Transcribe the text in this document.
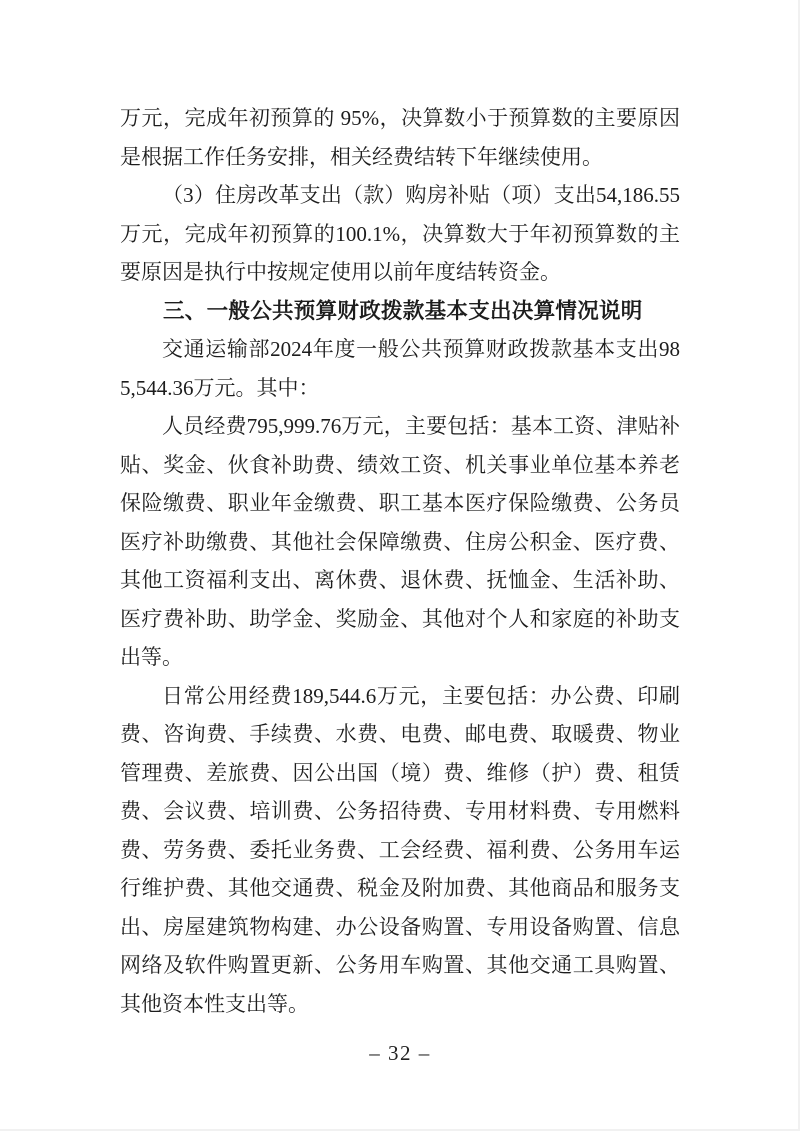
万元，完成年初预算的 95%，决算数小于预算数的主要原因是根据工作任务安排，相关经费结转下年继续使用。

（3）住房改革支出（款）购房补贴（项）支出54,186.55万元，完成年初预算的100.1%，决算数大于年初预算数的主要原因是执行中按规定使用以前年度结转资金。

三、一般公共预算财政拨款基本支出决算情况说明

交通运输部2024年度一般公共预算财政拨款基本支出985,544.36万元。其中：

人员经费795,999.76万元，主要包括：基本工资、津贴补贴、奖金、伙食补助费、绩效工资、机关事业单位基本养老保险缴费、职业年金缴费、职工基本医疗保险缴费、公务员医疗补助缴费、其他社会保障缴费、住房公积金、医疗费、其他工资福利支出、离休费、退休费、抚恤金、生活补助、医疗费补助、助学金、奖励金、其他对个人和家庭的补助支出等。

日常公用经费189,544.6万元，主要包括：办公费、印刷费、咨询费、手续费、水费、电费、邮电费、取暖费、物业管理费、差旅费、因公出国（境）费、维修（护）费、租赁费、会议费、培训费、公务招待费、专用材料费、专用燃料费、劳务费、委托业务费、工会经费、福利费、公务用车运行维护费、其他交通费、税金及附加费、其他商品和服务支出、房屋建筑物构建、办公设备购置、专用设备购置、信息网络及软件购置更新、公务用车购置、其他交通工具购置、其他资本性支出等。

– 32 –
